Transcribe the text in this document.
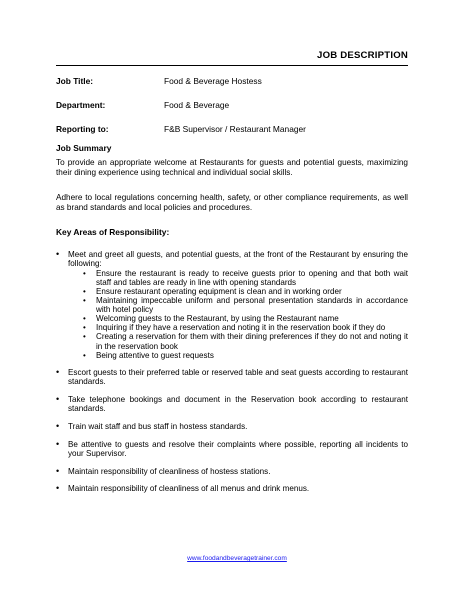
JOB DESCRIPTION
Job Title:	Food & Beverage Hostess
Department:	Food & Beverage
Reporting to:	F&B Supervisor / Restaurant Manager
Job Summary
To provide an appropriate welcome at Restaurants for guests and potential guests, maximizing their dining experience using technical and individual social skills.
Adhere to local regulations concerning health, safety, or other compliance requirements, as well as brand standards and local policies and procedures.
Key Areas of Responsibility:
• Meet and greet all guests, and potential guests, at the front of the Restaurant by ensuring the following:
• Ensure the restaurant is ready to receive guests prior to opening and that both wait staff and tables are ready in line with opening standards
• Ensure restaurant operating equipment is clean and in working order
• Maintaining impeccable uniform and personal presentation standards in accordance with hotel policy
• Welcoming guests to the Restaurant, by using the Restaurant name
• Inquiring if they have a reservation and noting it in the reservation book if they do
• Creating a reservation for them with their dining preferences if they do not and noting it in the reservation book
• Being attentive to guest requests
• Escort guests to their preferred table or reserved table and seat guests according to restaurant standards.
• Take telephone bookings and document in the Reservation book according to restaurant standards.
• Train wait staff and bus staff in hostess standards.
• Be attentive to guests and resolve their complaints where possible, reporting all incidents to your Supervisor.
• Maintain responsibility of cleanliness of hostess stations.
• Maintain responsibility of cleanliness of all menus and drink menus.
www.foodandbeveragetrainer.com
